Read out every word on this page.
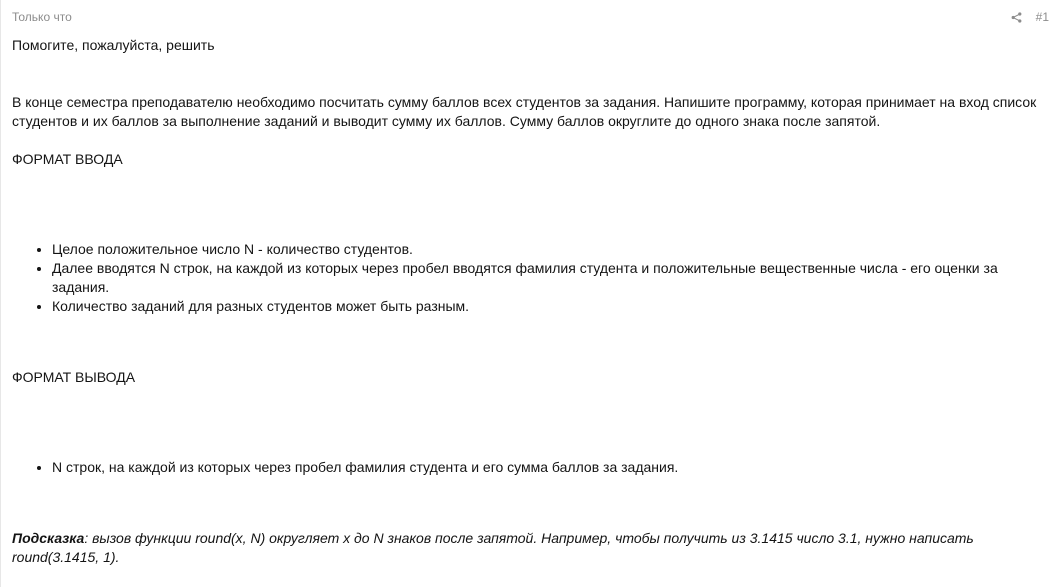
Только что	#1
Помогите, пожалуйста, решить
В конце семестра преподавателю необходимо посчитать сумму баллов всех студентов за задания. Напишите программу, которая принимает на вход список студентов и их баллов за выполнение заданий и выводит сумму их баллов. Сумму баллов округлите до одного знака после запятой.
ФОРМАТ ВВОДА
• Целое положительное число N - количество студентов.
• Далее вводятся N строк, на каждой из которых через пробел вводятся фамилия студента и положительные вещественные числа - его оценки за задания.
• Количество заданий для разных студентов может быть разным.
ФОРМАТ ВЫВОДА
• N строк, на каждой из которых через пробел фамилия студента и его сумма баллов за задания.
Подсказка: вызов функции round(x, N) округляет x до N знаков после запятой. Например, чтобы получить из 3.1415 число 3.1, нужно написать round(3.1415, 1).
